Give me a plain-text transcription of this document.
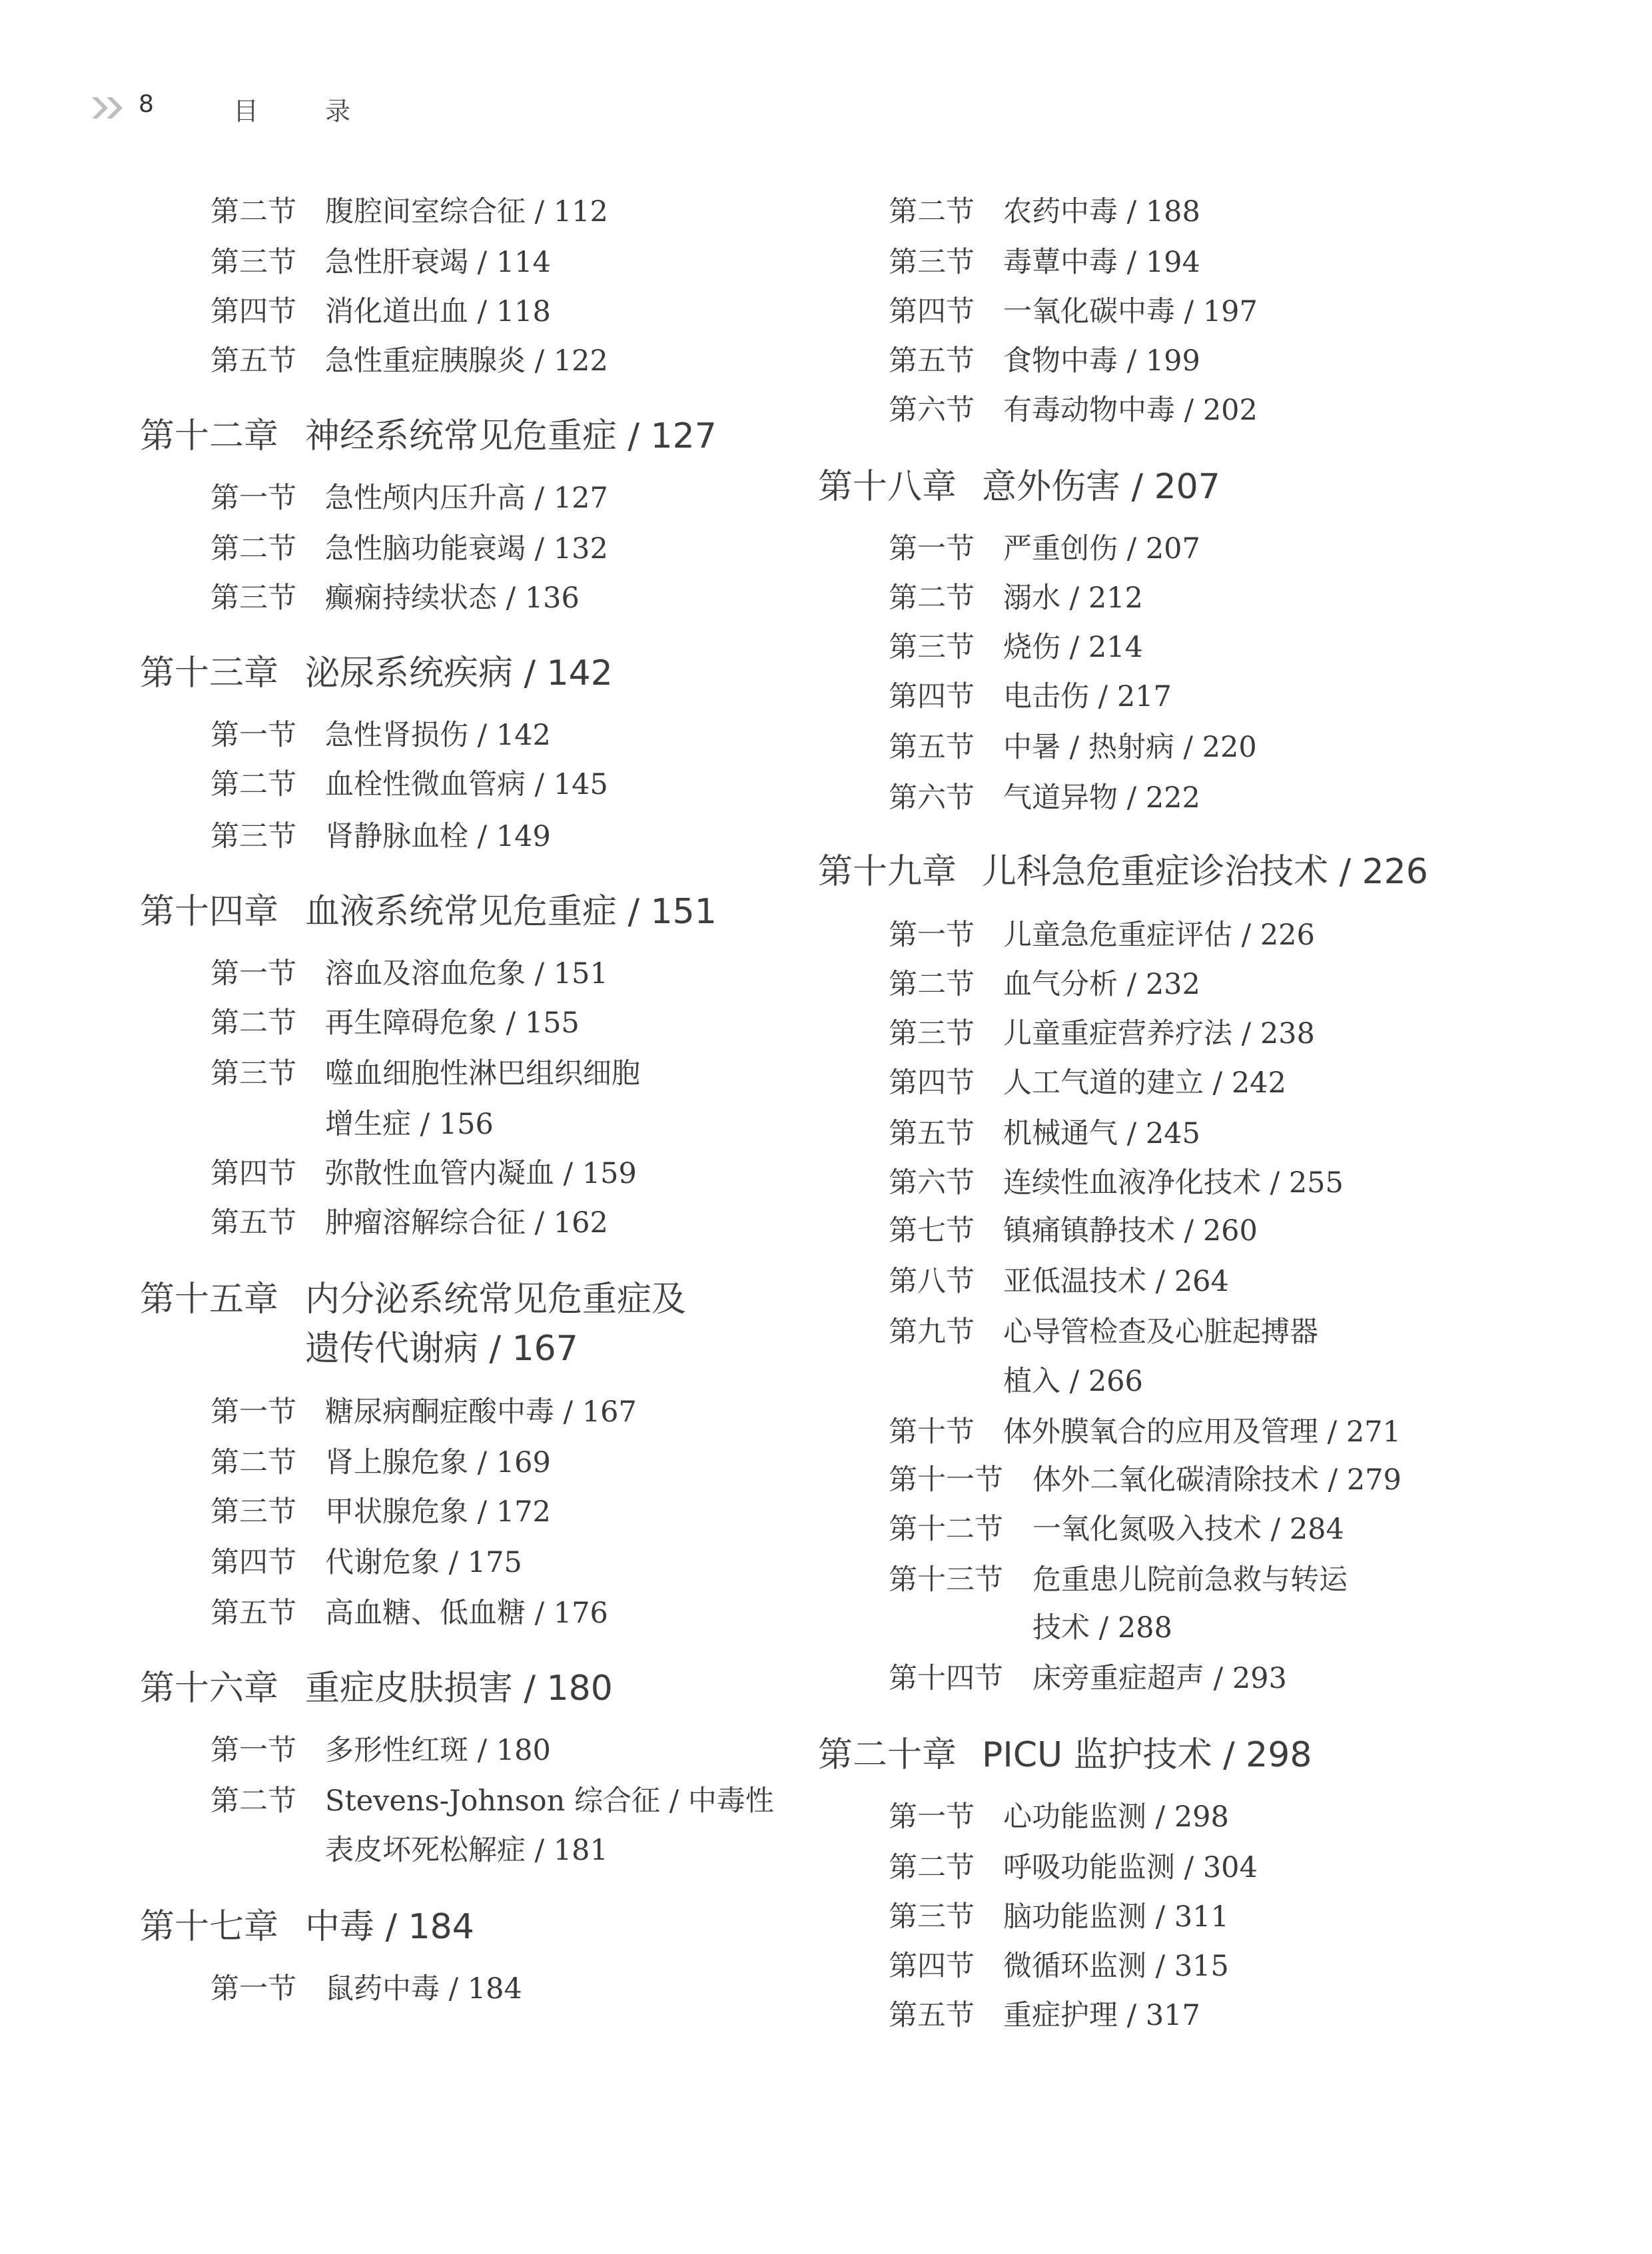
8	目 录
第二节 腹腔间室综合征 / 112
第三节 急性肝衰竭 / 114
第四节 消化道出血 / 118
第五节 急性重症胰腺炎 / 122
第十二章 神经系统常见危重症 / 127
第一节 急性颅内压升高 / 127
第二节 急性脑功能衰竭 / 132
第三节 癫痫持续状态 / 136
第十三章 泌尿系统疾病 / 142
第一节 急性肾损伤 / 142
第二节 血栓性微血管病 / 145
第三节 肾静脉血栓 / 149
第十四章 血液系统常见危重症 / 151
第一节 溶血及溶血危象 / 151
第二节 再生障碍危象 / 155
第三节 噬血细胞性淋巴组织细胞
增生症 / 156
第四节 弥散性血管内凝血 / 159
第五节 肿瘤溶解综合征 / 162
第十五章 内分泌系统常见危重症及
遗传代谢病 / 167
第一节 糖尿病酮症酸中毒 / 167
第二节 肾上腺危象 / 169
第三节 甲状腺危象 / 172
第四节 代谢危象 / 175
第五节 高血糖、低血糖 / 176
第十六章 重症皮肤损害 / 180
第一节 多形性红斑 / 180
第二节 Stevens-Johnson 综合征 / 中毒性
表皮坏死松解症 / 181
第十七章 中毒 / 184
第一节 鼠药中毒 / 184
第二节 农药中毒 / 188
第三节 毒蕈中毒 / 194
第四节 一氧化碳中毒 / 197
第五节 食物中毒 / 199
第六节 有毒动物中毒 / 202
第十八章 意外伤害 / 207
第一节 严重创伤 / 207
第二节 溺水 / 212
第三节 烧伤 / 214
第四节 电击伤 / 217
第五节 中暑 / 热射病 / 220
第六节 气道异物 / 222
第十九章 儿科急危重症诊治技术 / 226
第一节 儿童急危重症评估 / 226
第二节 血气分析 / 232
第三节 儿童重症营养疗法 / 238
第四节 人工气道的建立 / 242
第五节 机械通气 / 245
第六节 连续性血液净化技术 / 255
第七节 镇痛镇静技术 / 260
第八节 亚低温技术 / 264
第九节 心导管检查及心脏起搏器
植入 / 266
第十节 体外膜氧合的应用及管理 / 271
第十一节 体外二氧化碳清除技术 / 279
第十二节 一氧化氮吸入技术 / 284
第十三节 危重患儿院前急救与转运
技术 / 288
第十四节 床旁重症超声 / 293
第二十章 PICU 监护技术 / 298
第一节 心功能监测 / 298
第二节 呼吸功能监测 / 304
第三节 脑功能监测 / 311
第四节 微循环监测 / 315
第五节 重症护理 / 317
